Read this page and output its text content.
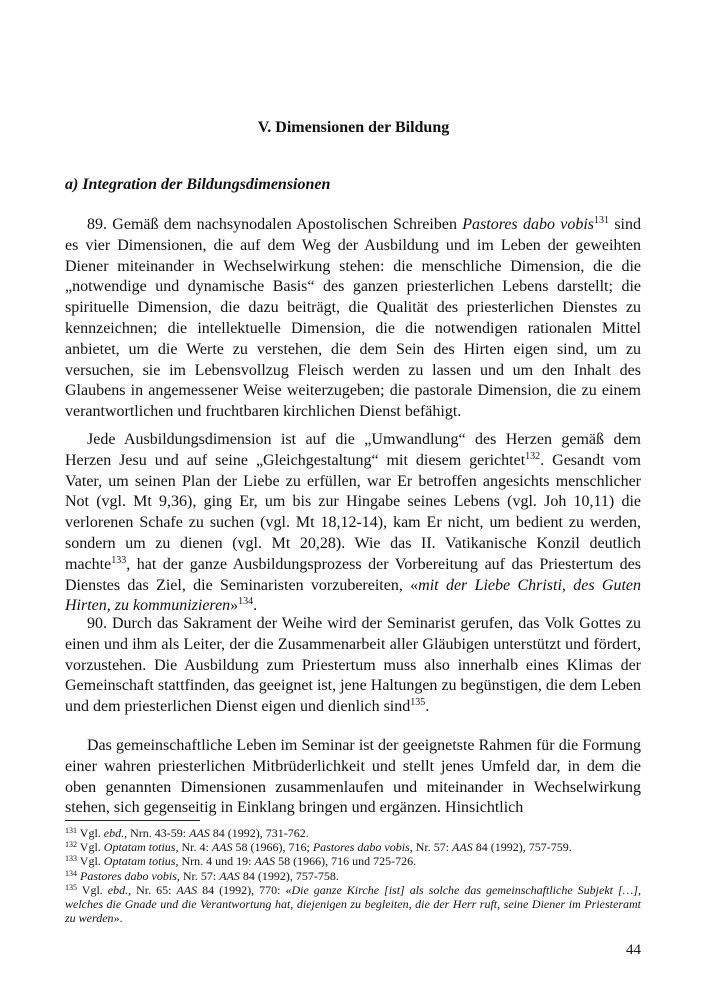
V. Dimensionen der Bildung
a) Integration der Bildungsdimensionen

89. Gemäß dem nachsynodalen Apostolischen Schreiben Pastores dabo vobis$^{131}$ sind es vier Dimensionen, die auf dem Weg der Ausbildung und im Leben der geweihten Diener miteinander in Wechselwirkung stehen: die menschliche Dimension, die die „notwendige und dynamische Basis“ des ganzen priesterlichen Lebens darstellt; die spirituelle Dimension, die dazu beiträgt, die Qualität des priesterlichen Dienstes zu kennzeichnen; die intellektuelle Dimension, die die notwendigen rationalen Mittel anbietet, um die Werte zu verstehen, die dem Sein des Hirten eigen sind, um zu versuchen, sie im Lebensvollzug Fleisch werden zu lassen und um den Inhalt des Glaubens in angemessener Weise weiterzugeben; die pastorale Dimension, die zu einem verantwortlichen und fruchtbaren kirchlichen Dienst befähigt.

Jede Ausbildungsdimension ist auf die „Umwandlung“ des Herzen gemäß dem Herzen Jesu und auf seine „Gleichgestaltung“ mit diesem gerichtet$^{132}$. Gesandt vom Vater, um seinen Plan der Liebe zu erfüllen, war Er betroffen angesichts menschlicher Not (vgl. Mt 9,36), ging Er, um bis zur Hingabe seines Lebens (vgl. Joh 10,11) die verlorenen Schafe zu suchen (vgl. Mt 18,12-14), kam Er nicht, um bedient zu werden, sondern um zu dienen (vgl. Mt 20,28). Wie das II. Vatikanische Konzil deutlich machte$^{133}$, hat der ganze Ausbildungsprozess der Vorbereitung auf das Priestertum des Dienstes das Ziel, die Seminaristen vorzubereiten, «mit der Liebe Christi, des Guten Hirten, zu kommunizieren»$^{134}$.

90. Durch das Sakrament der Weihe wird der Seminarist gerufen, das Volk Gottes zu einen und ihm als Leiter, der die Zusammenarbeit aller Gläubigen unterstützt und fördert, vorzustehen. Die Ausbildung zum Priestertum muss also innerhalb eines Klimas der Gemeinschaft stattfinden, das geeignet ist, jene Haltungen zu begünstigen, die dem Leben und dem priesterlichen Dienst eigen und dienlich sind$^{135}$.

Das gemeinschaftliche Leben im Seminar ist der geeignetste Rahmen für die Formung einer wahren priesterlichen Mitbrüderlichkeit und stellt jenes Umfeld dar, in dem die oben genannten Dimensionen zusammenlaufen und miteinander in Wechselwirkung stehen, sich gegenseitig in Einklang bringen und ergänzen. Hinsichtlich

$^{131}$ Vgl. ebd., Nrn. 43-59: AAS 84 (1992), 731-762.
$^{132}$ Vgl. Optatam totius, Nr. 4: AAS 58 (1966), 716; Pastores dabo vobis, Nr. 57: AAS 84 (1992), 757-759.
$^{133}$ Vgl. Optatam totius, Nrn. 4 und 19: AAS 58 (1966), 716 und 725-726.
$^{134}$ Pastores dabo vobis, Nr. 57: AAS 84 (1992), 757-758.
$^{135}$ Vgl. ebd., Nr. 65: AAS 84 (1992), 770: «Die ganze Kirche [ist] als solche das gemeinschaftliche Subjekt […], welches die Gnade und die Verantwortung hat, diejenigen zu begleiten, die der Herr ruft, seine Diener im Priesteramt zu werden».
44
